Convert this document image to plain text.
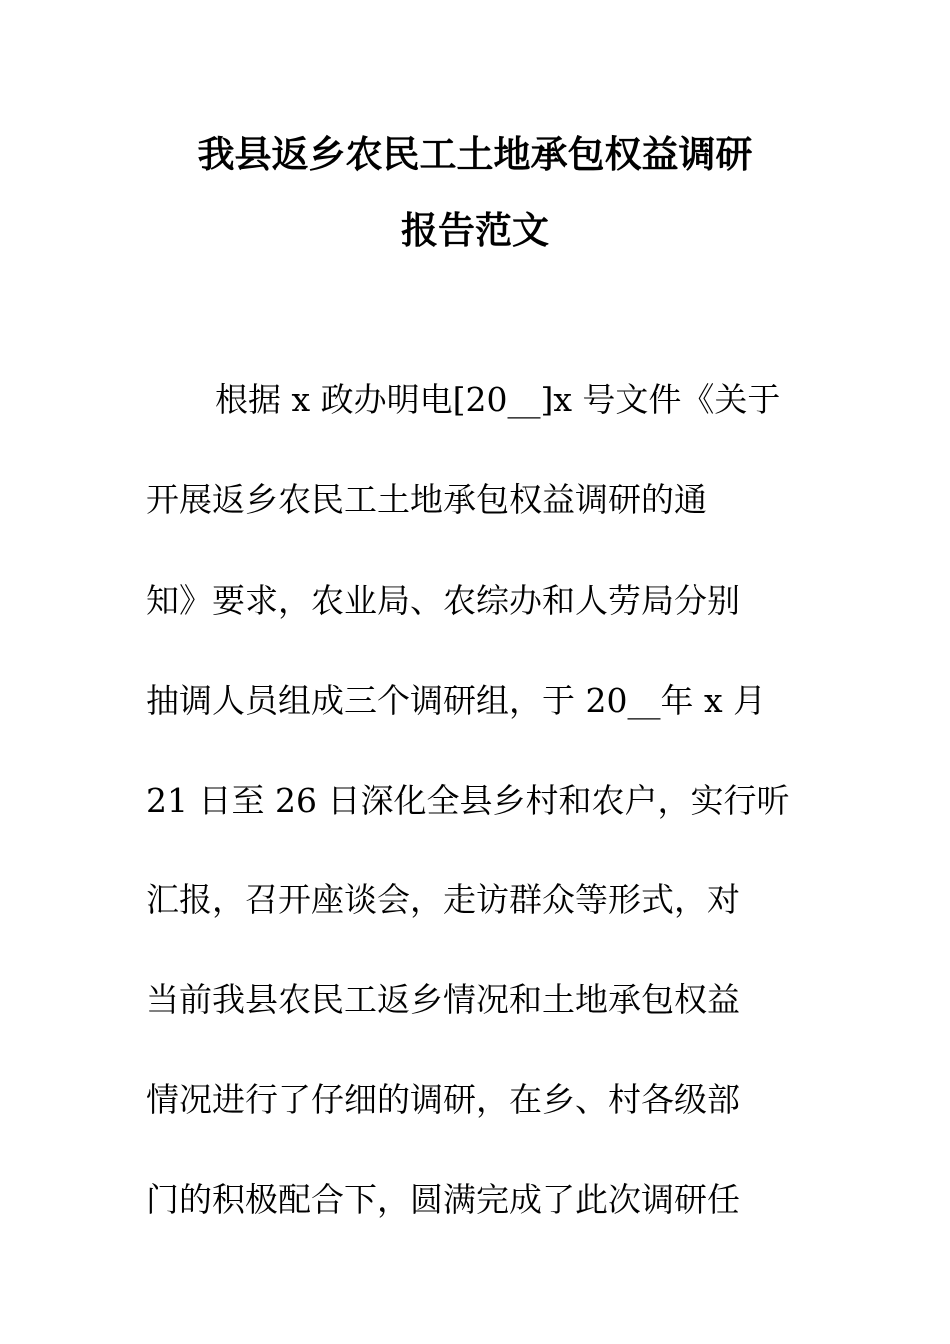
我县返乡农民工土地承包权益调研
报告范文
根据 x 政办明电[20__]x 号文件《关于
开展返乡农民工土地承包权益调研的通
知》要求，农业局、农综办和人劳局分别
抽调人员组成三个调研组，于 20__年 x 月
21 日至 26 日深化全县乡村和农户，实行听
汇报，召开座谈会，走访群众等形式，对
当前我县农民工返乡情况和土地承包权益
情况进行了仔细的调研，在乡、村各级部
门的积极配合下，圆满完成了此次调研任
